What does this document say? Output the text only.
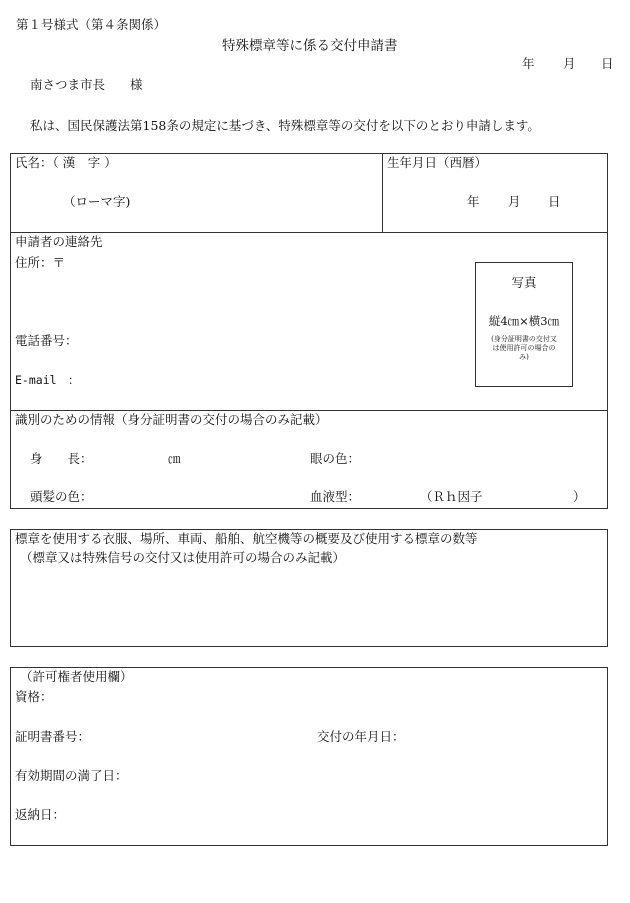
第１号様式（第４条関係）
特殊標章等に係る交付申請書
年 月 日
南さつま市長　　様
私は、国民保護法第158条の規定に基づき、特殊標章等の交付を以下のとおり申請します。
氏名：（ 漢　字 ）
（ローマ字)
生年月日（西暦）
年 月 日
申請者の連絡先
住所：〒
電話番号：
E-mail　：
写真
縦4㎝×横3㎝
(身分証明書の交付又は使用許可の場合のみ)
識別のための情報（身分証明書の交付の場合のみ記載）
身　　長：	㎝	眼の色：
頭髪の色：	血液型：	（Ｒｈ因子	）
標章を使用する衣服、場所、車両、船舶、航空機等の概要及び使用する標章の数等
（標章又は特殊信号の交付又は使用許可の場合のみ記載）
（許可権者使用欄）
資格：
証明書番号：	交付の年月日：
有効期間の満了日：
返納日：
